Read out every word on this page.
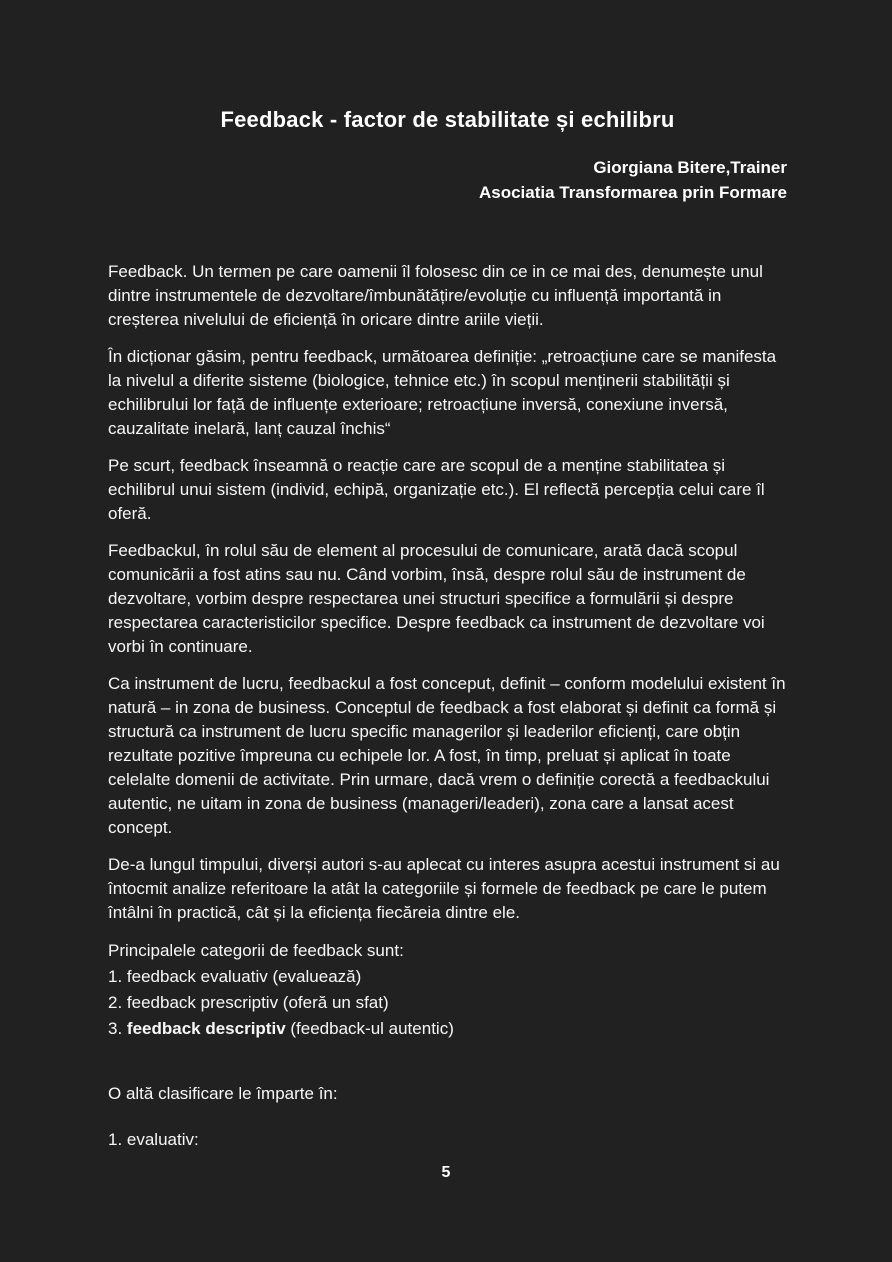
Feedback - factor de stabilitate și echilibru
Giorgiana Bitere,Trainer
Asociatia Transformarea prin Formare

Feedback. Un termen pe care oamenii îl folosesc din ce in ce mai des, denumește unul dintre instrumentele de dezvoltare/îmbunătățire/evoluție cu influență importantă in creșterea nivelului de eficiență în oricare dintre ariile vieții.

În dicționar găsim, pentru feedback, următoarea definiție: „retroacțiune care se manifesta la nivelul a diferite sisteme (biologice, tehnice etc.) în scopul menținerii stabilității și echilibrului lor față de influențe exterioare; retroacțiune inversă, conexiune inversă, cauzalitate inelară, lanț cauzal închis“

Pe scurt, feedback înseamnă o reacție care are scopul de a menține stabilitatea și echilibrul unui sistem (individ, echipă, organizație etc.). El reflectă percepția celui care îl oferă.

Feedbackul, în rolul său de element al procesului de comunicare, arată dacă scopul comunicării a fost atins sau nu. Când vorbim, însă, despre rolul său de instrument de dezvoltare, vorbim despre respectarea unei structuri specifice a formulării și despre respectarea caracteristicilor specifice. Despre feedback ca instrument de dezvoltare voi vorbi în continuare.

Ca instrument de lucru, feedbackul a fost conceput, definit – conform modelului existent în natură – in zona de business. Conceptul de feedback a fost elaborat și definit ca formă și structură ca instrument de lucru specific managerilor și leaderilor eficienți, care obțin rezultate pozitive împreuna cu echipele lor. A fost, în timp, preluat și aplicat în toate celelalte domenii de activitate. Prin urmare, dacă vrem o definiție corectă a feedbackului autentic, ne uitam in zona de business (manageri/leaderi), zona care a lansat acest concept.

De-a lungul timpului, diverși autori s-au aplecat cu interes asupra acestui instrument si au întocmit analize referitoare la atât la categoriile și formele de feedback pe care le putem întâlni în practică, cât și la eficiența fiecăreia dintre ele.

Principalele categorii de feedback sunt:
1. feedback evaluativ (evaluează)
2. feedback prescriptiv (oferă un sfat)
3. feedback descriptiv (feedback-ul autentic)

O altă clasificare le împarte în:

1. evaluativ:

5
